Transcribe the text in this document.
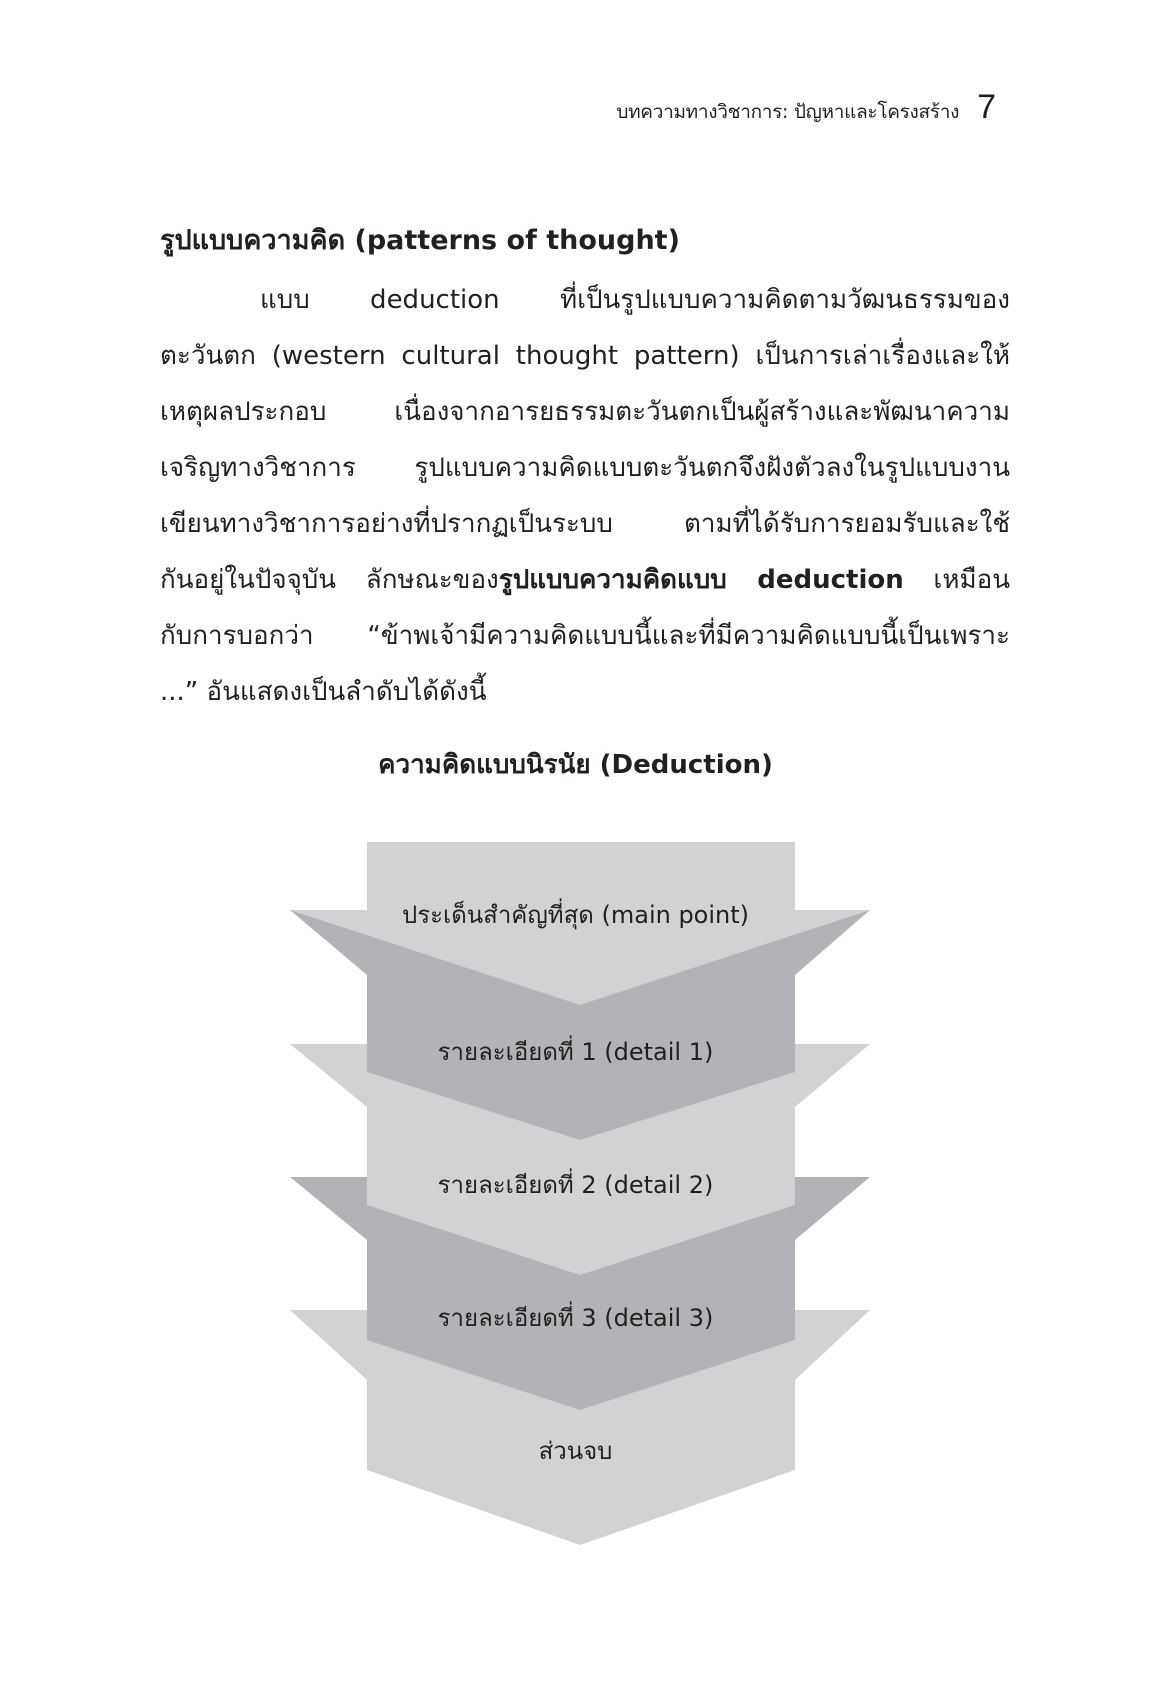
บทความทางวิชาการ: ปัญหาและโครงสร้าง 7
รูปแบบความคิด (patterns of thought)
แบบ deduction ที่เป็นรูปแบบความคิดตามวัฒนธรรมของ
ตะวันตก (western cultural thought pattern) เป็นการเล่าเรื่องและให้
เหตุผลประกอบ เนื่องจากอารยธรรมตะวันตกเป็นผู้สร้างและพัฒนาความ
เจริญทางวิชาการ รูปแบบความคิดแบบตะวันตกจึงฝังตัวลงในรูปแบบงาน
เขียนทางวิชาการอย่างที่ปรากฏเป็นระบบ ตามที่ได้รับการยอมรับและใช้
กันอยู่ในปัจจุบัน ลักษณะของรูปแบบความคิดแบบ deduction เหมือน
กับการบอกว่า “ข้าพเจ้ามีความคิดแบบนี้และที่มีความคิดแบบนี้เป็นเพราะ
...” อันแสดงเป็นลำดับได้ดังนี้
ความคิดแบบนิรนัย (Deduction)
ประเด็นสำคัญที่สุด (main point)
รายละเอียดที่ 1 (detail 1)
รายละเอียดที่ 2 (detail 2)
รายละเอียดที่ 3 (detail 3)
ส่วนจบ
